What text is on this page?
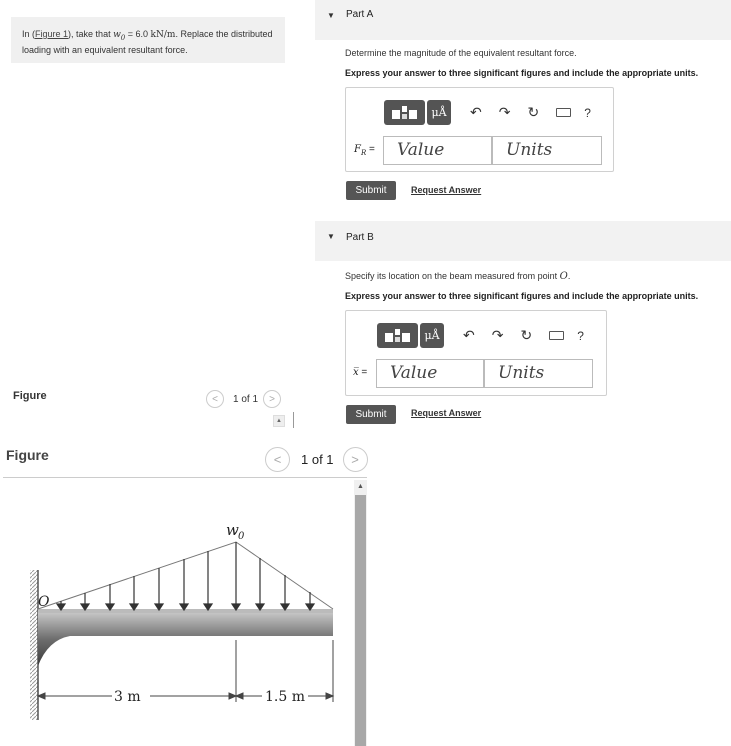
In (Figure 1), take that $w_0 = 6.0$ kN/m. Replace the distributed loading with an equivalent resultant force.
Figure	<	1 of 1	>
▲
▼ Part A
Determine the magnitude of the equivalent resultant force.
Express your answer to three significant figures and include the appropriate units.
μÅ	↶ ↷ ↻	?
$F_R$ =	Value	Units
Submit	Request Answer
▼ Part B
Specify its location on the beam measured from point O.
Express your answer to three significant figures and include the appropriate units.
μÅ	↶ ↷ ↻	?
x̅ =	Value	Units
Submit	Request Answer
Figure	<	1 of 1	>
w 0
O
3 m	1.5 m
▲
